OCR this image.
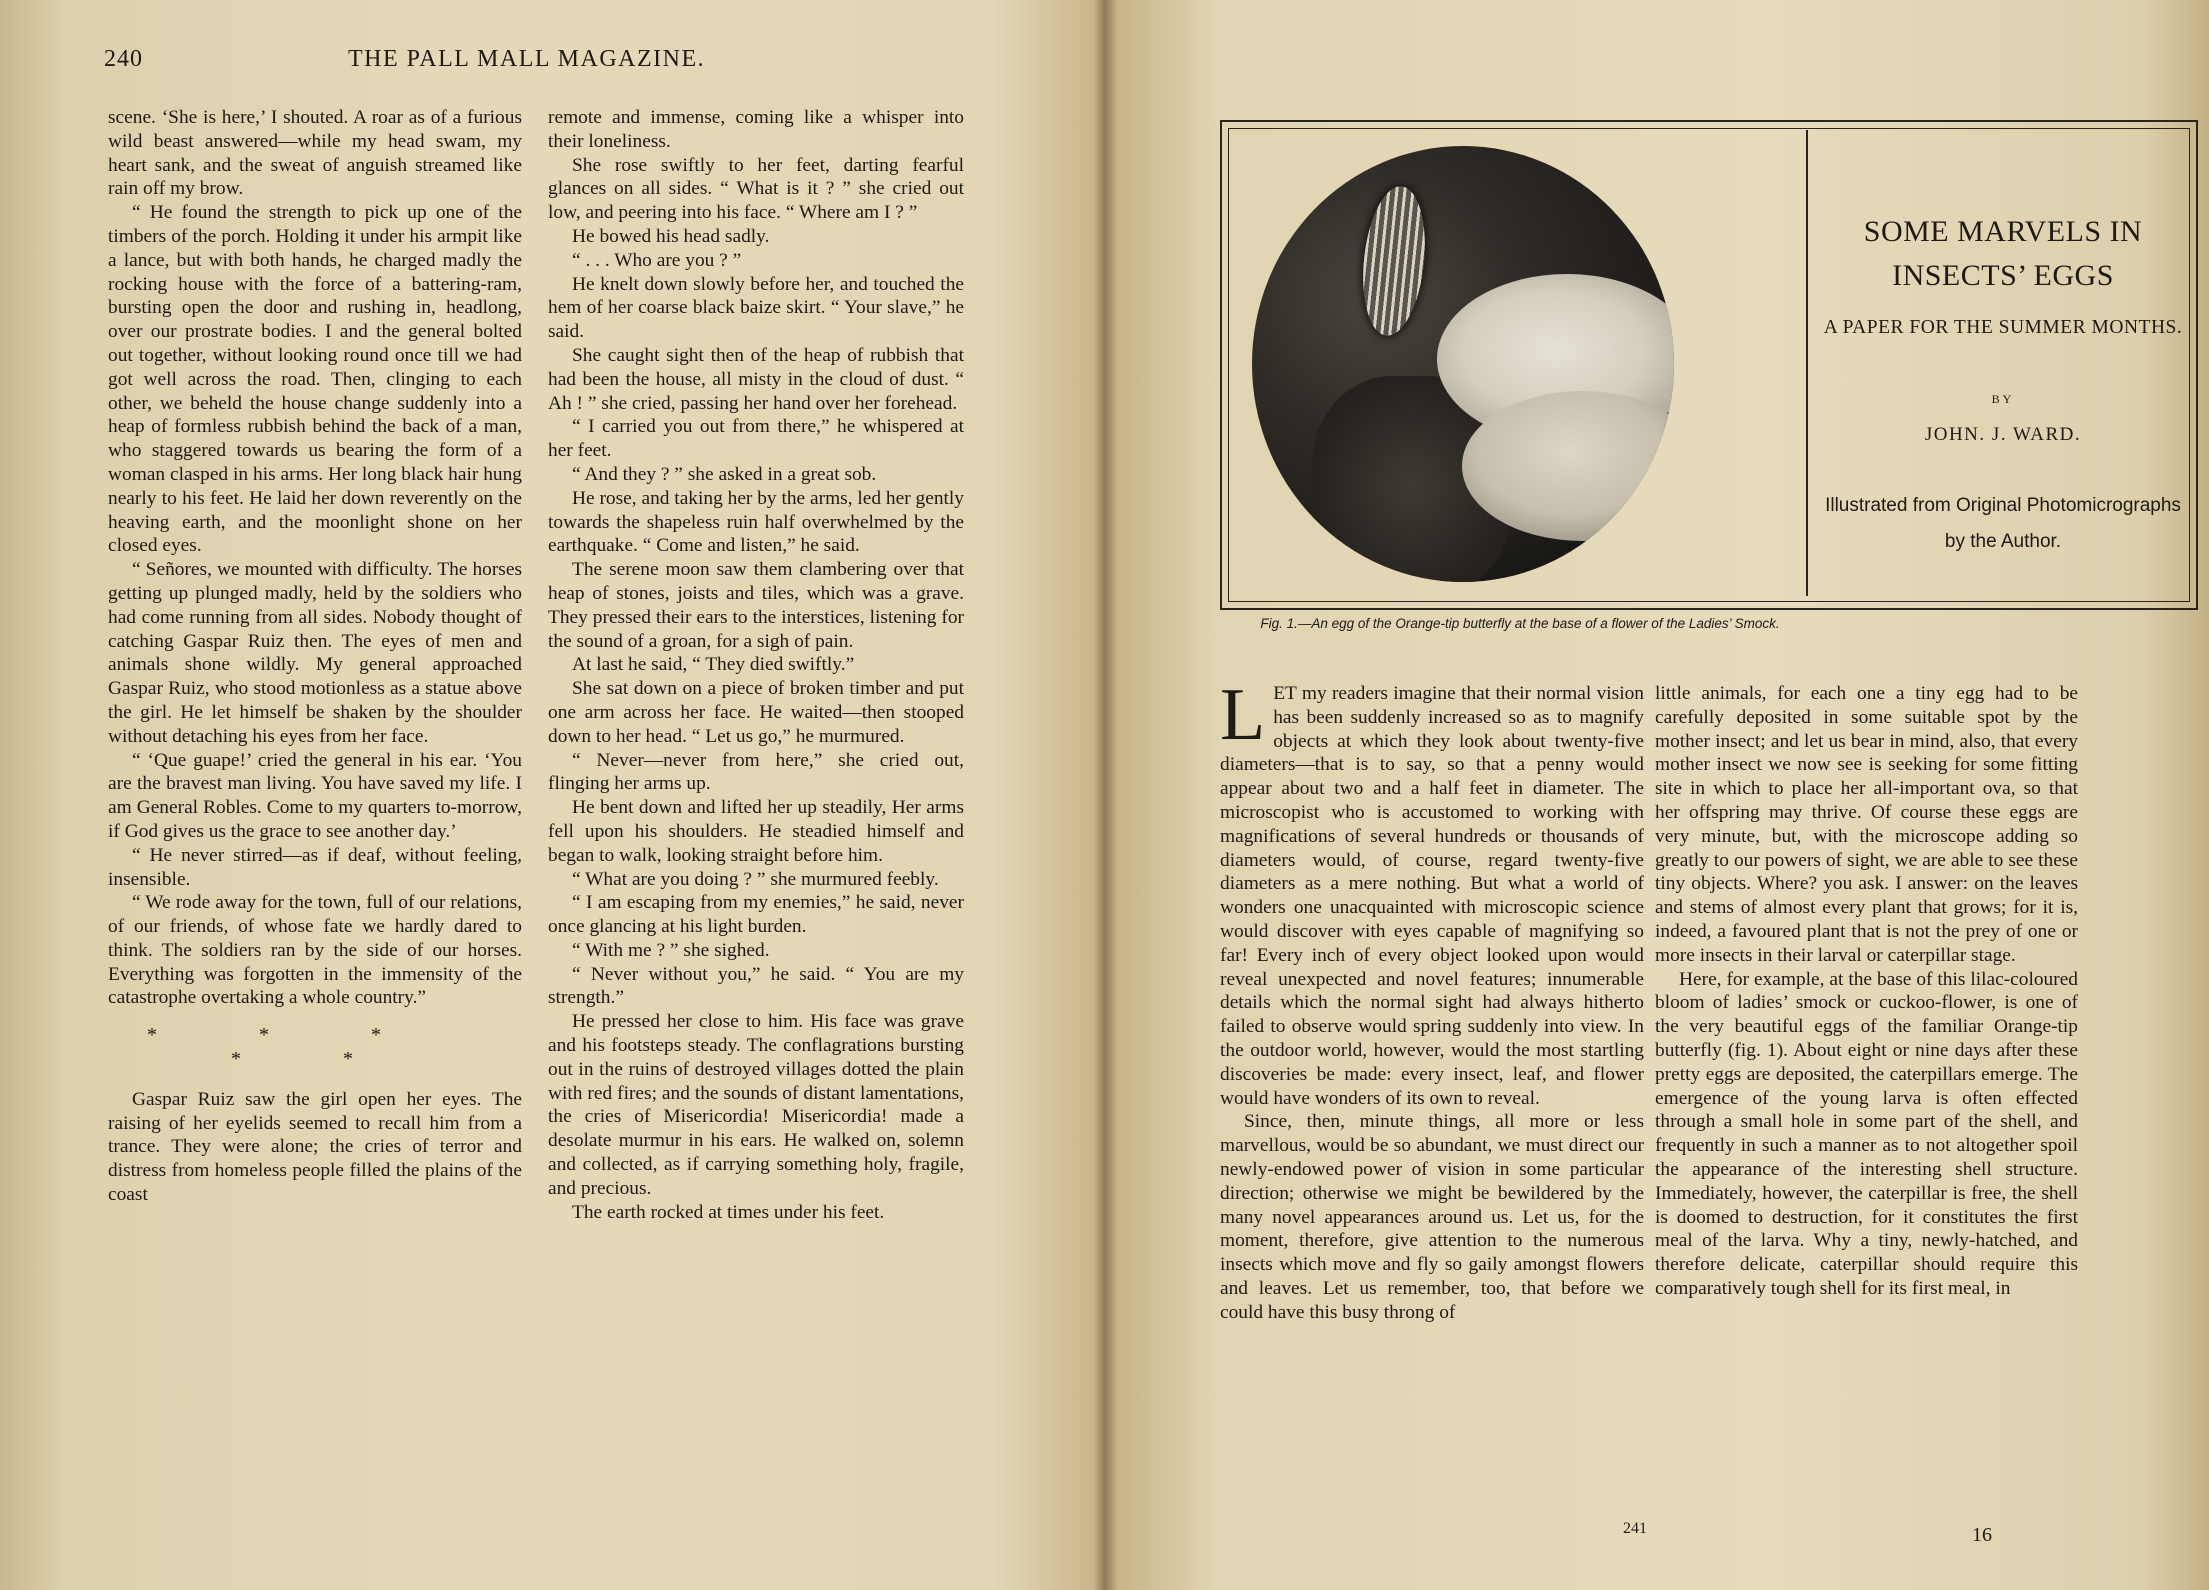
240	THE PALL MALL MAGAZINE.

scene. ‘She is here,’ I shouted. A roar as of a furious wild beast answered—while my head swam, my heart sank, and the sweat of anguish streamed like rain off my brow.

“ He found the strength to pick up one of the timbers of the porch. Holding it under his armpit like a lance, but with both hands, he charged madly the rocking house with the force of a battering-ram, bursting open the door and rushing in, headlong, over our prostrate bodies. I and the general bolted out together, without looking round once till we had got well across the road. Then, clinging to each other, we beheld the house change suddenly into a heap of formless rubbish behind the back of a man, who staggered towards us bearing the form of a woman clasped in his arms. Her long black hair hung nearly to his feet. He laid her down reverently on the heaving earth, and the moonlight shone on her closed eyes.

“ Señores, we mounted with difficulty. The horses getting up plunged madly, held by the soldiers who had come running from all sides. Nobody thought of catching Gaspar Ruiz then. The eyes of men and animals shone wildly. My general approached Gaspar Ruiz, who stood motionless as a statue above the girl. He let himself be shaken by the shoulder without detaching his eyes from her face.

“ ‘Que guape!’ cried the general in his ear. ‘You are the bravest man living. You have saved my life. I am General Robles. Come to my quarters to-morrow, if God gives us the grace to see another day.’

“ He never stirred—as if deaf, without feeling, insensible.

“ We rode away for the town, full of our relations, of our friends, of whose fate we hardly dared to think. The soldiers ran by the side of our horses. Everything was forgotten in the immensity of the catastrophe overtaking a whole country.”

* * * * *

Gaspar Ruiz saw the girl open her eyes. The raising of her eyelids seemed to recall him from a trance. They were alone; the cries of terror and distress from homeless people filled the plains of the coast

remote and immense, coming like a whisper into their loneliness.

She rose swiftly to her feet, darting fearful glances on all sides. “ What is it ? ” she cried out low, and peering into his face. “ Where am I ? ”

He bowed his head sadly.

“ . . . Who are you ? ”

He knelt down slowly before her, and touched the hem of her coarse black baize skirt. “ Your slave,” he said.

She caught sight then of the heap of rubbish that had been the house, all misty in the cloud of dust. “ Ah ! ” she cried, passing her hand over her forehead.

“ I carried you out from there,” he whispered at her feet.

“ And they ? ” she asked in a great sob.

He rose, and taking her by the arms, led her gently towards the shapeless ruin half overwhelmed by the earthquake. “ Come and listen,” he said.

The serene moon saw them clambering over that heap of stones, joists and tiles, which was a grave. They pressed their ears to the interstices, listening for the sound of a groan, for a sigh of pain.

At last he said, “ They died swiftly.”

She sat down on a piece of broken timber and put one arm across her face. He waited—then stooped down to her head. “ Let us go,” he murmured.

“ Never—never from here,” she cried out, flinging her arms up.

He bent down and lifted her up steadily, Her arms fell upon his shoulders. He steadied himself and began to walk, looking straight before him.

“ What are you doing ? ” she murmured feebly.

“ I am escaping from my enemies,” he said, never once glancing at his light burden.

“ With me ? ” she sighed.

“ Never without you,” he said. “ You are my strength.”

He pressed her close to him. His face was grave and his footsteps steady. The conflagrations bursting out in the ruins of destroyed villages dotted the plain with red fires; and the sounds of distant lamentations, the cries of Misericordia! Misericordia! made a desolate murmur in his ears. He walked on, solemn and collected, as if carrying something holy, fragile, and precious.

The earth rocked at times under his feet.

SOME MARVELS IN INSECTS’ EGGS
A PAPER FOR THE SUMMER MONTHS.
BY
JOHN. J. WARD.
Illustrated from Original Photomicrographs by the Author.
Fig. 1.—An egg of the Orange-tip butterfly at the base of a flower of the Ladies’ Smock.
L ET my readers imagine that their normal vision has been suddenly increased so as to magnify objects at which they look about twenty-five diameters—that is to say, so that a penny would appear about two and a half feet in diameter. The microscopist who is accustomed to working with magnifications of several hundreds or thousands of diameters would, of course, regard twenty-five diameters as a mere nothing. But what a world of wonders one unacquainted with microscopic science would discover with eyes capable of magnifying so far! Every inch of every object looked upon would reveal unexpected and novel features; innumerable details which the normal sight had always hitherto failed to observe would spring suddenly into view. In the outdoor world, however, would the most startling discoveries be made: every insect, leaf, and flower would have wonders of its own to reveal.

Since, then, minute things, all more or less marvellous, would be so abundant, we must direct our newly-endowed power of vision in some particular direction; otherwise we might be bewildered by the many novel appearances around us. Let us, for the moment, therefore, give attention to the numerous insects which move and fly so gaily amongst flowers and leaves. Let us remember, too, that before we could have this busy throng of

little animals, for each one a tiny egg had to be carefully deposited in some suitable spot by the mother insect; and let us bear in mind, also, that every mother insect we now see is seeking for some fitting site in which to place her all-important ova, so that her offspring may thrive. Of course these eggs are very minute, but, with the microscope adding so greatly to our powers of sight, we are able to see these tiny objects. Where? you ask. I answer: on the leaves and stems of almost every plant that grows; for it is, indeed, a favoured plant that is not the prey of one or more insects in their larval or caterpillar stage.

Here, for example, at the base of this lilac-coloured bloom of ladies’ smock or cuckoo-flower, is one of the very beautiful eggs of the familiar Orange-tip butterfly (fig. 1). About eight or nine days after these pretty eggs are deposited, the caterpillars emerge. The emergence of the young larva is often effected through a small hole in some part of the shell, and frequently in such a manner as to not altogether spoil the appearance of the interesting shell structure. Immediately, however, the caterpillar is free, the shell is doomed to destruction, for it constitutes the first meal of the larva. Why a tiny, newly-hatched, and therefore delicate, caterpillar should require this comparatively tough shell for its first meal, in

241	16
